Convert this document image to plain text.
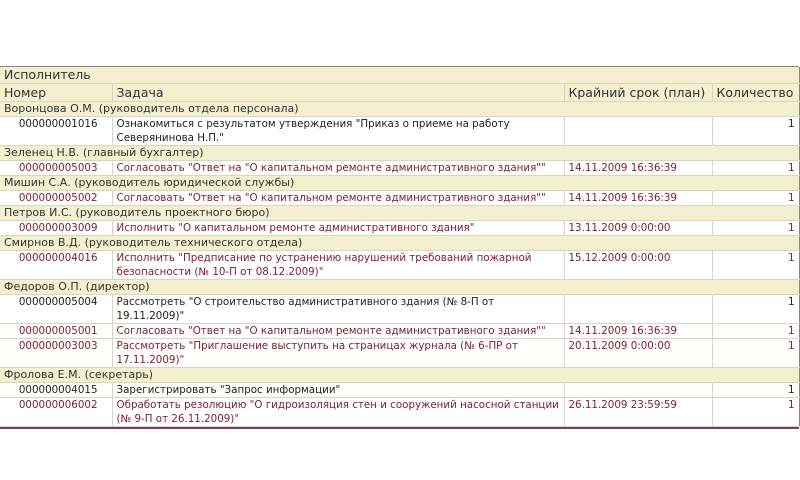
Исполнитель			
Номер	Задача	Крайний срок (план)	Количество
Воронцова О.М. (руководитель отдела персонала)			
000000001016	Ознакомиться с результатом утверждения "Приказ о приеме на работу Северянинова Н.П."		1
Зеленец Н.В. (главный бухгалтер)			
000000005003	Согласовать "Ответ на "О капитальном ремонте административного здания""	14.11.2009 16:36:39	1
Мишин С.А. (руководитель юридической службы)			
000000005002	Согласовать "Ответ на "О капитальном ремонте административного здания""	14.11.2009 16:36:39	1
Петров И.С. (руководитель проектного бюро)			
000000003009	Исполнить "О капитальном ремонте административного здания"	13.11.2009 0:00:00	1
Смирнов В.Д. (руководитель технического отдела)			
000000004016	Исполнить "Предписание по устранению нарушений требований пожарной безопасности (№ 10-П от 08.12.2009)"	15.12.2009 0:00:00	1
Федоров О.П. (директор)			
000000005004	Рассмотреть "О строительство административного здания (№ 8-П от 19.11.2009)"		1
000000005001	Согласовать "Ответ на "О капитальном ремонте административного здания""	14.11.2009 16:36:39	1
000000003003	Рассмотреть "Приглашение выступить на страницах журнала (№ 6-ПР от 17.11.2009)"	20.11.2009 0:00:00	1
Фролова Е.М. (секретарь)			
000000004015	Зарегистрировать "Запрос информации"		1
000000006002	Обработать резолюцию "О гидроизоляция стен и сооружений насосной станции (№ 9-П от 26.11.2009)"	26.11.2009 23:59:59	1
